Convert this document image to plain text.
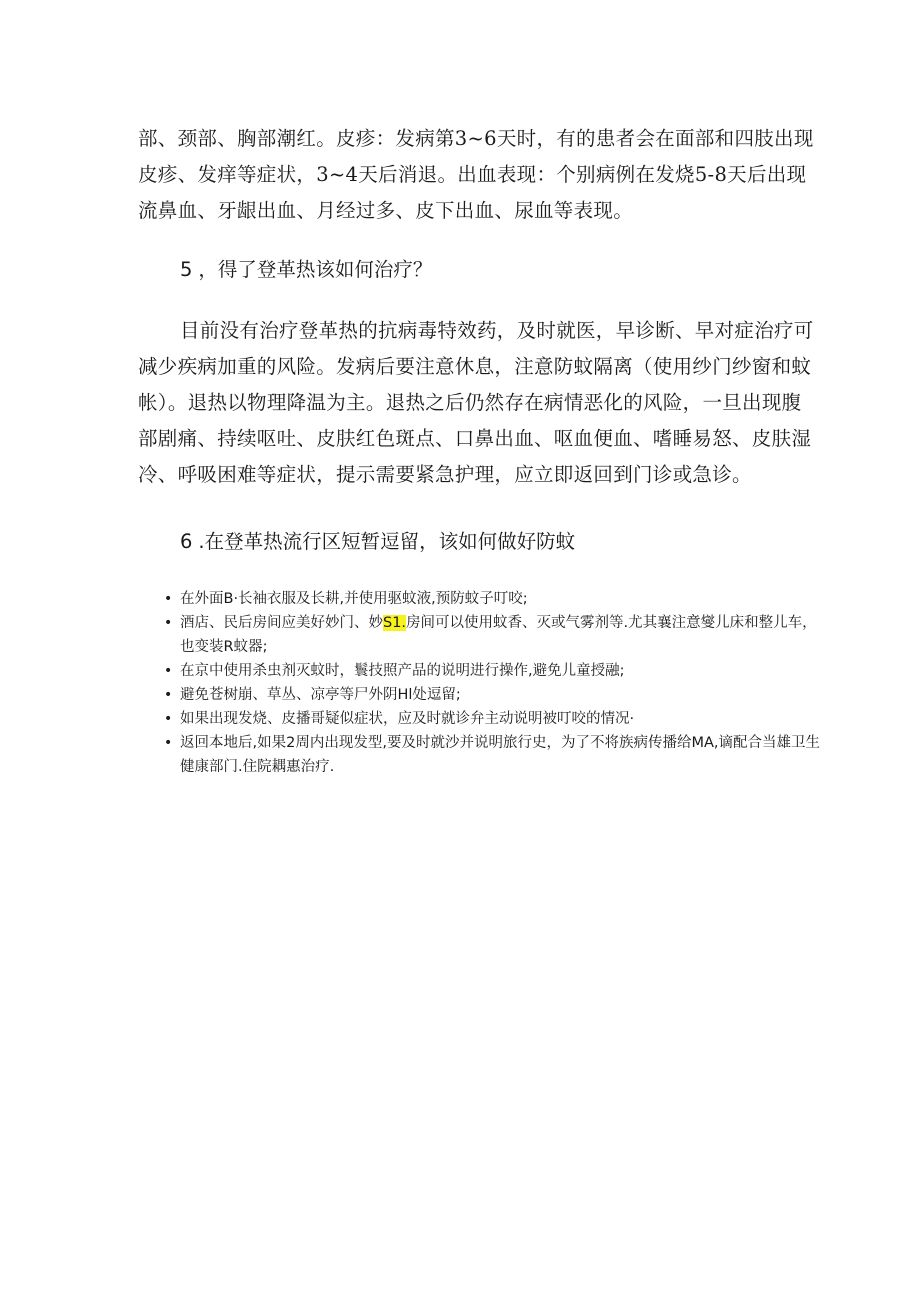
部、颈部、胸部潮红。皮疹：发病第3~6天时，有的患者会在面部和四肢出现皮疹、发痒等症状，3~4天后消退。出血表现：个别病例在发烧5-8天后出现流鼻血、牙龈出血、月经过多、皮下出血、尿血等表现。

5 ，得了登革热该如何治疗？

目前没有治疗登革热的抗病毒特效药，及时就医，早诊断、早对症治疗可减少疾病加重的风险。发病后要注意休息，注意防蚊隔离（使用纱门纱窗和蚊帐）。退热以物理降温为主。退热之后仍然存在病情恶化的风险，一旦出现腹部剧痛、持续呕吐、皮肤红色斑点、口鼻出血、呕血便血、嗜睡易怒、皮肤湿冷、呼吸困难等症状，提示需要紧急护理，应立即返回到门诊或急诊。

6 .在登革热流行区短暂逗留，该如何做好防蚊
• 在外面B·长袖衣服及长耕,并使用驱蚊液,预防蚊子叮咬;
• 酒店、民后房间应美好妙门、妙S1.房间可以使用蚊香、灭或气雾剂等.尤其襄注意燮儿床和整儿车，也变装R蚊器;
• 在京中使用杀虫剂灭蚊时，鬟技照产品的说明进行操作,避免儿童授融;
• 避免苍树崩、草丛、凉亭等尸外阴Hl处逗留;
• 如果出现发烧、皮播哥疑似症状，应及时就诊弁主动说明被叮咬的情况·
• 返回本地后,如果2周内出现发型,要及时就沙并说明旅行史，为了不将族病传播给MA,谪配合当雄卫生健康部门.住院耦惠治疗.
